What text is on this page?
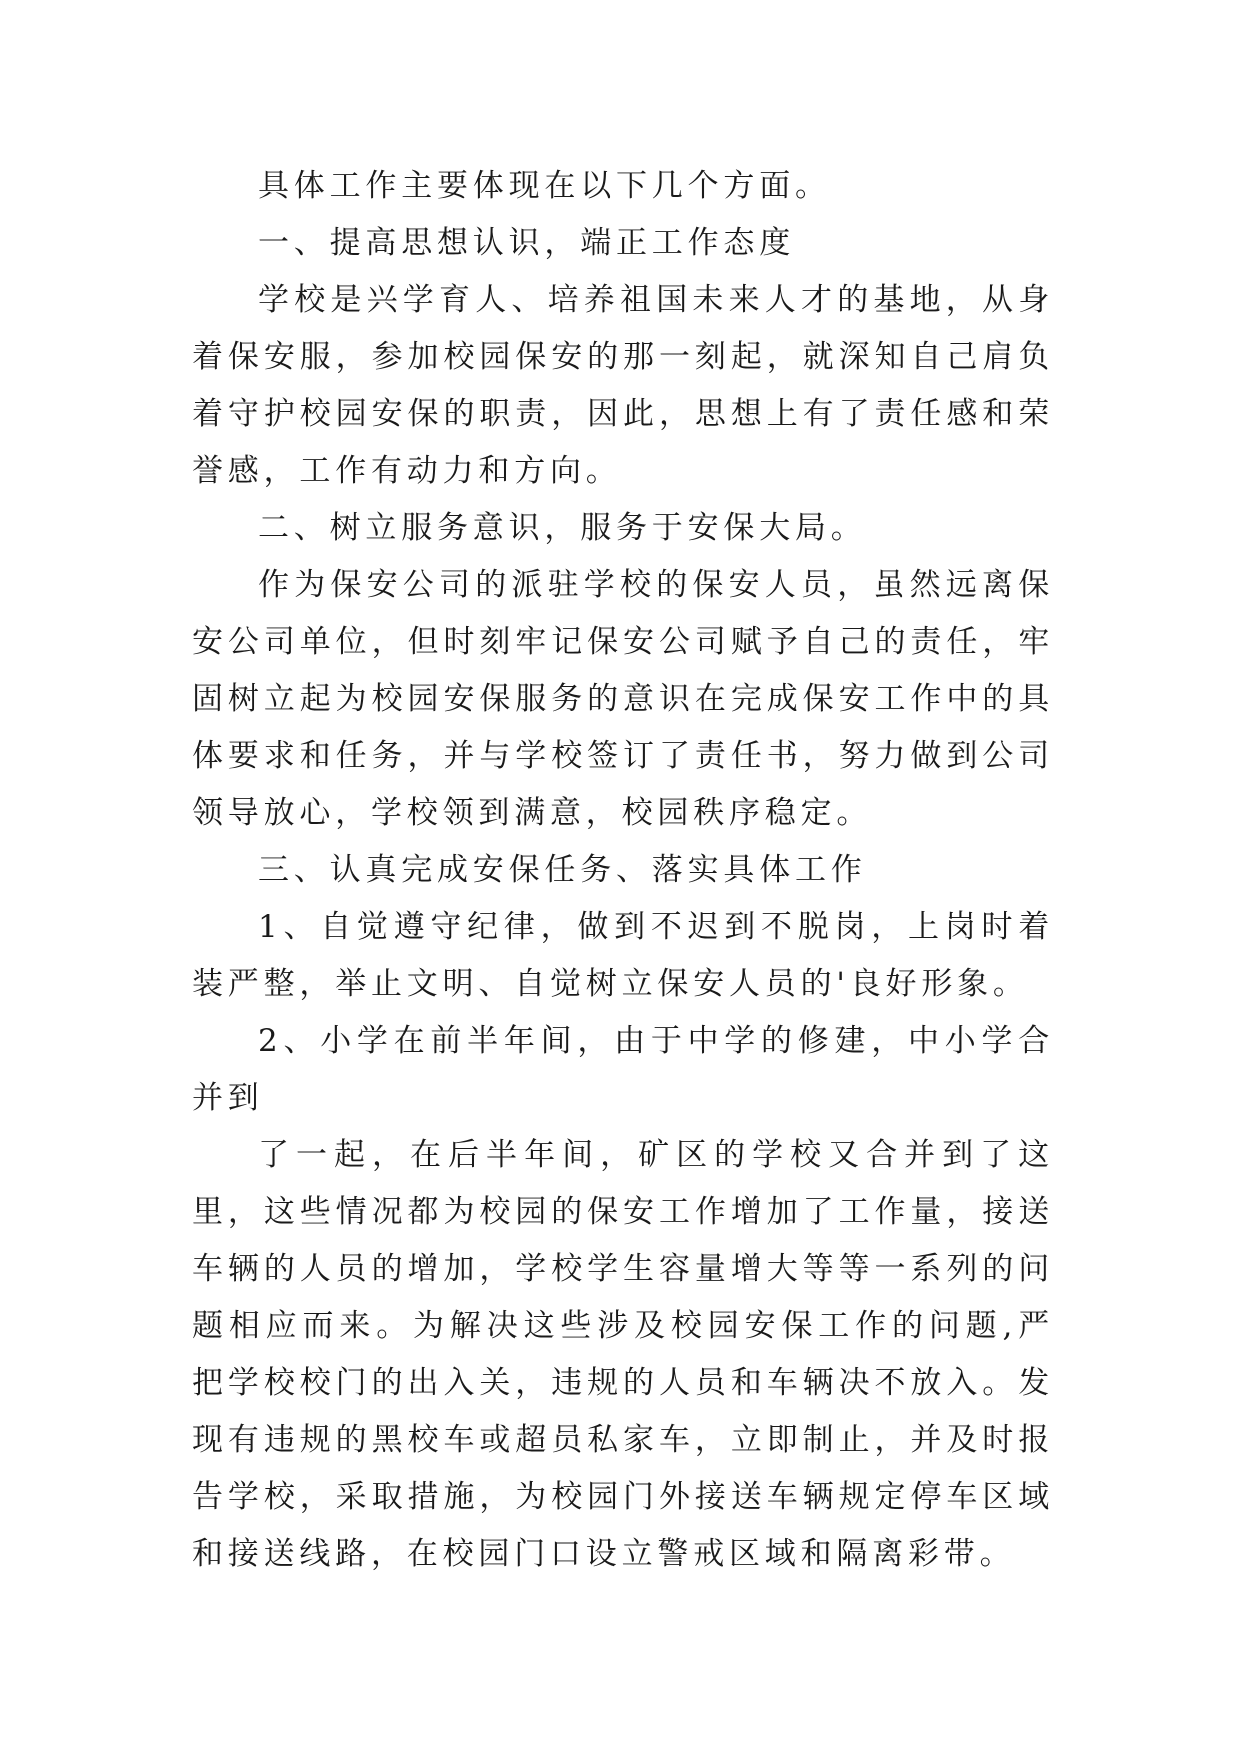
具体工作主要体现在以下几个方面。

一、提高思想认识，端正工作态度

学校是兴学育人、培养祖国未来人才的基地，从身着保安服，参加校园保安的那一刻起，就深知自己肩负着守护校园安保的职责，因此，思想上有了责任感和荣誉感，工作有动力和方向。

二、树立服务意识，服务于安保大局。

作为保安公司的派驻学校的保安人员，虽然远离保安公司单位，但时刻牢记保安公司赋予自己的责任，牢固树立起为校园安保服务的意识在完成保安工作中的具体要求和任务，并与学校签订了责任书，努力做到公司领导放心，学校领到满意，校园秩序稳定。

三、认真完成安保任务、落实具体工作

1、自觉遵守纪律，做到不迟到不脱岗，上岗时着装严整，举止文明、自觉树立保安人员的'良好形象。

2、小学在前半年间，由于中学的修建，中小学合并到

了一起，在后半年间，矿区的学校又合并到了这里，这些情况都为校园的保安工作增加了工作量，接送车辆的人员的增加，学校学生容量增大等等一系列的问题相应而来。为解决这些涉及校园安保工作的问题,严把学校校门的出入关，违规的人员和车辆决不放入。发现有违规的黑校车或超员私家车，立即制止，并及时报告学校，采取措施，为校园门外接送车辆规定停车区域和接送线路，在校园门口设立警戒区域和隔离彩带。
